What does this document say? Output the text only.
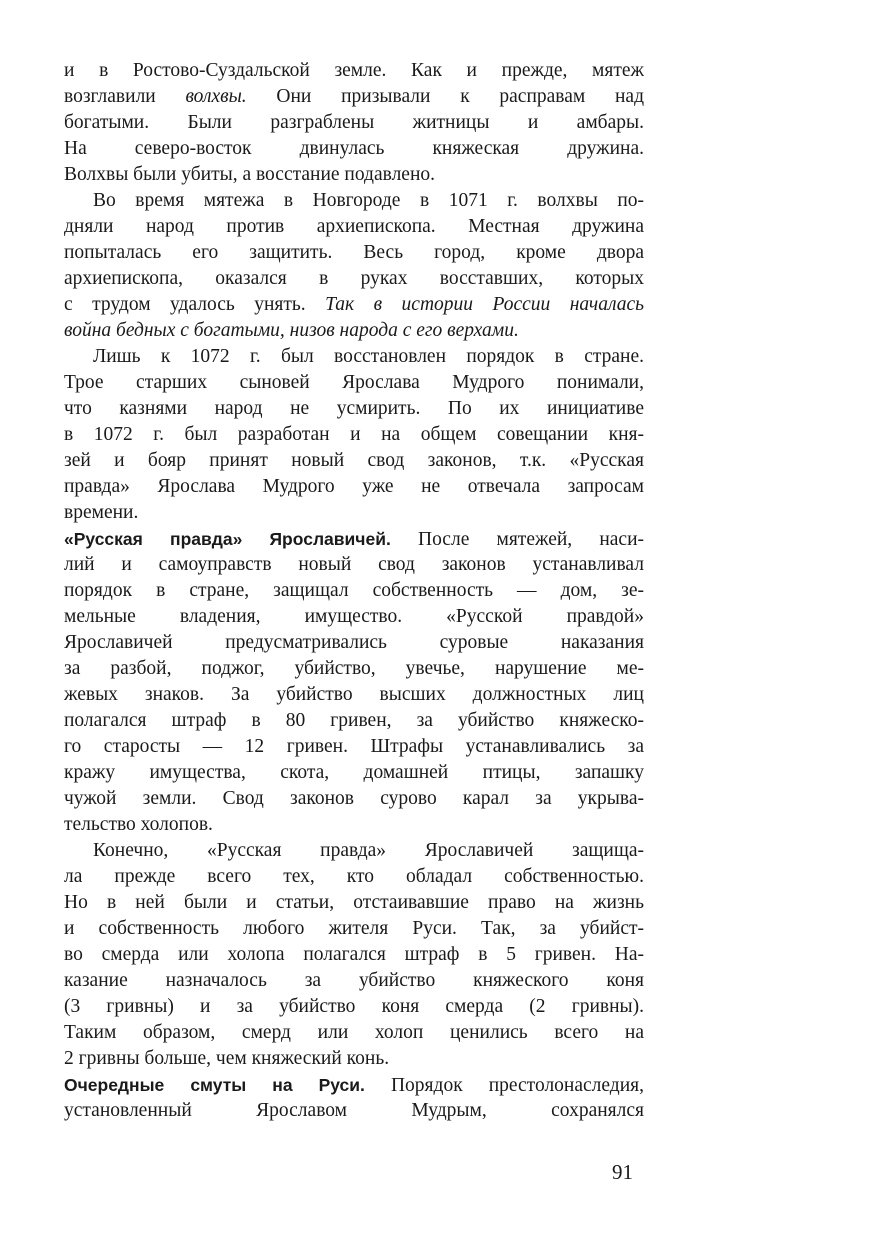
и в Ростово-Суздальской земле. Как и прежде, мятеж
возглавили волхвы. Они призывали к расправам над
богатыми. Были разграблены житницы и амбары.
На северо-восток двинулась княжеская дружина.
Волхвы были убиты, а восстание подавлено.
Во время мятежа в Новгороде в 1071 г. волхвы по-
дняли народ против архиепископа. Местная дружина
попыталась его защитить. Весь город, кроме двора
архиепископа, оказался в руках восставших, которых
с трудом удалось унять. Так в истории России началась
война бедных с богатыми, низов народа с его верхами.
Лишь к 1072 г. был восстановлен порядок в стране.
Трое старших сыновей Ярослава Мудрого понимали,
что казнями народ не усмирить. По их инициативе
в 1072 г. был разработан и на общем совещании кня-
зей и бояр принят новый свод законов, т.к. «Русская
правда» Ярослава Мудрого уже не отвечала запросам
времени.
«Русская правда» Ярославичей. После мятежей, наси-
лий и самоуправств новый свод законов устанавливал
порядок в стране, защищал собственность — дом, зе-
мельные владения, имущество. «Русской правдой»
Ярославичей предусматривались суровые наказания
за разбой, поджог, убийство, увечье, нарушение ме-
жевых знаков. За убийство высших должностных лиц
полагался штраф в 80 гривен, за убийство княжеско-
го старосты — 12 гривен. Штрафы устанавливались за
кражу имущества, скота, домашней птицы, запашку
чужой земли. Свод законов сурово карал за укрыва-
тельство холопов.
Конечно, «Русская правда» Ярославичей защища-
ла прежде всего тех, кто обладал собственностью.
Но в ней были и статьи, отстаивавшие право на жизнь
и собственность любого жителя Руси. Так, за убийст-
во смерда или холопа полагался штраф в 5 гривен. На-
казание назначалось за убийство княжеского коня
(3 гривны) и за убийство коня смерда (2 гривны).
Таким образом, смерд или холоп ценились всего на
2 гривны больше, чем княжеский конь.
Очередные смуты на Руси. Порядок престолонаследия,
установленный Ярославом Мудрым, сохранялся
91
